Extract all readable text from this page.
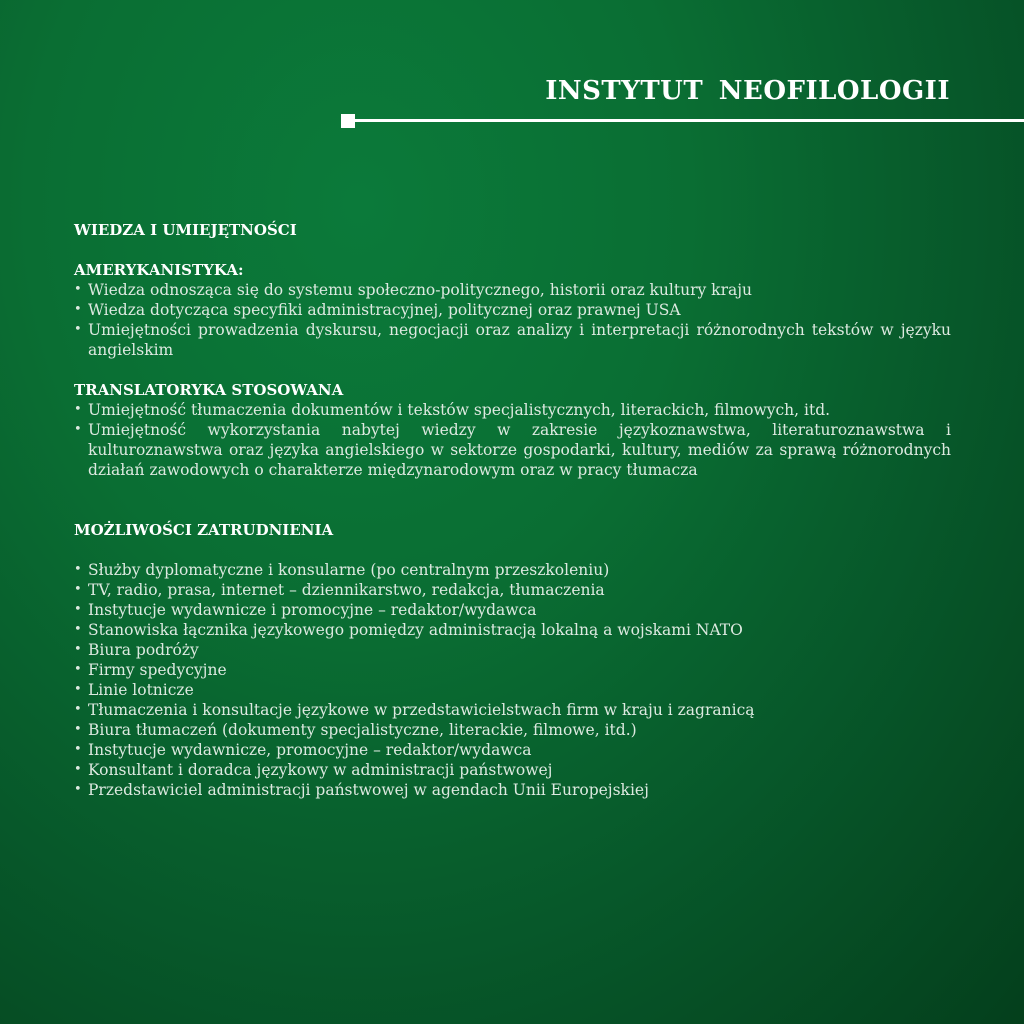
INSTYTUT NEOFILOLOGII
WIEDZA I UMIEJĘTNOŚCI
AMERYKANISTYKA:
• Wiedza odnosząca się do systemu społeczno-politycznego, historii oraz kultury kraju
• Wiedza dotycząca specyfiki administracyjnej, politycznej oraz prawnej USA
• Umiejętności prowadzenia dyskursu, negocjacji oraz analizy i interpretacji różnorodnych tekstów w języku angielskim
TRANSLATORYKA STOSOWANA
• Umiejętność tłumaczenia dokumentów i tekstów specjalistycznych, literackich, filmowych, itd.
• Umiejętność wykorzystania nabytej wiedzy w zakresie językoznawstwa, literaturoznawstwa i kulturoznawstwa oraz języka angielskiego w sektorze gospodarki, kultury, mediów za sprawą różnorodnych działań zawodowych o charakterze międzynarodowym oraz w pracy tłumacza
MOŻLIWOŚCI ZATRUDNIENIA
• Służby dyplomatyczne i konsularne (po centralnym przeszkoleniu)
• TV, radio, prasa, internet – dziennikarstwo, redakcja, tłumaczenia
• Instytucje wydawnicze i promocyjne – redaktor/wydawca
• Stanowiska łącznika językowego pomiędzy administracją lokalną a wojskami NATO
• Biura podróży
• Firmy spedycyjne
• Linie lotnicze
• Tłumaczenia i konsultacje językowe w przedstawicielstwach firm w kraju i zagranicą
• Biura tłumaczeń (dokumenty specjalistyczne, literackie, filmowe, itd.)
• Instytucje wydawnicze, promocyjne – redaktor/wydawca
• Konsultant i doradca językowy w administracji państwowej
• Przedstawiciel administracji państwowej w agendach Unii Europejskiej
